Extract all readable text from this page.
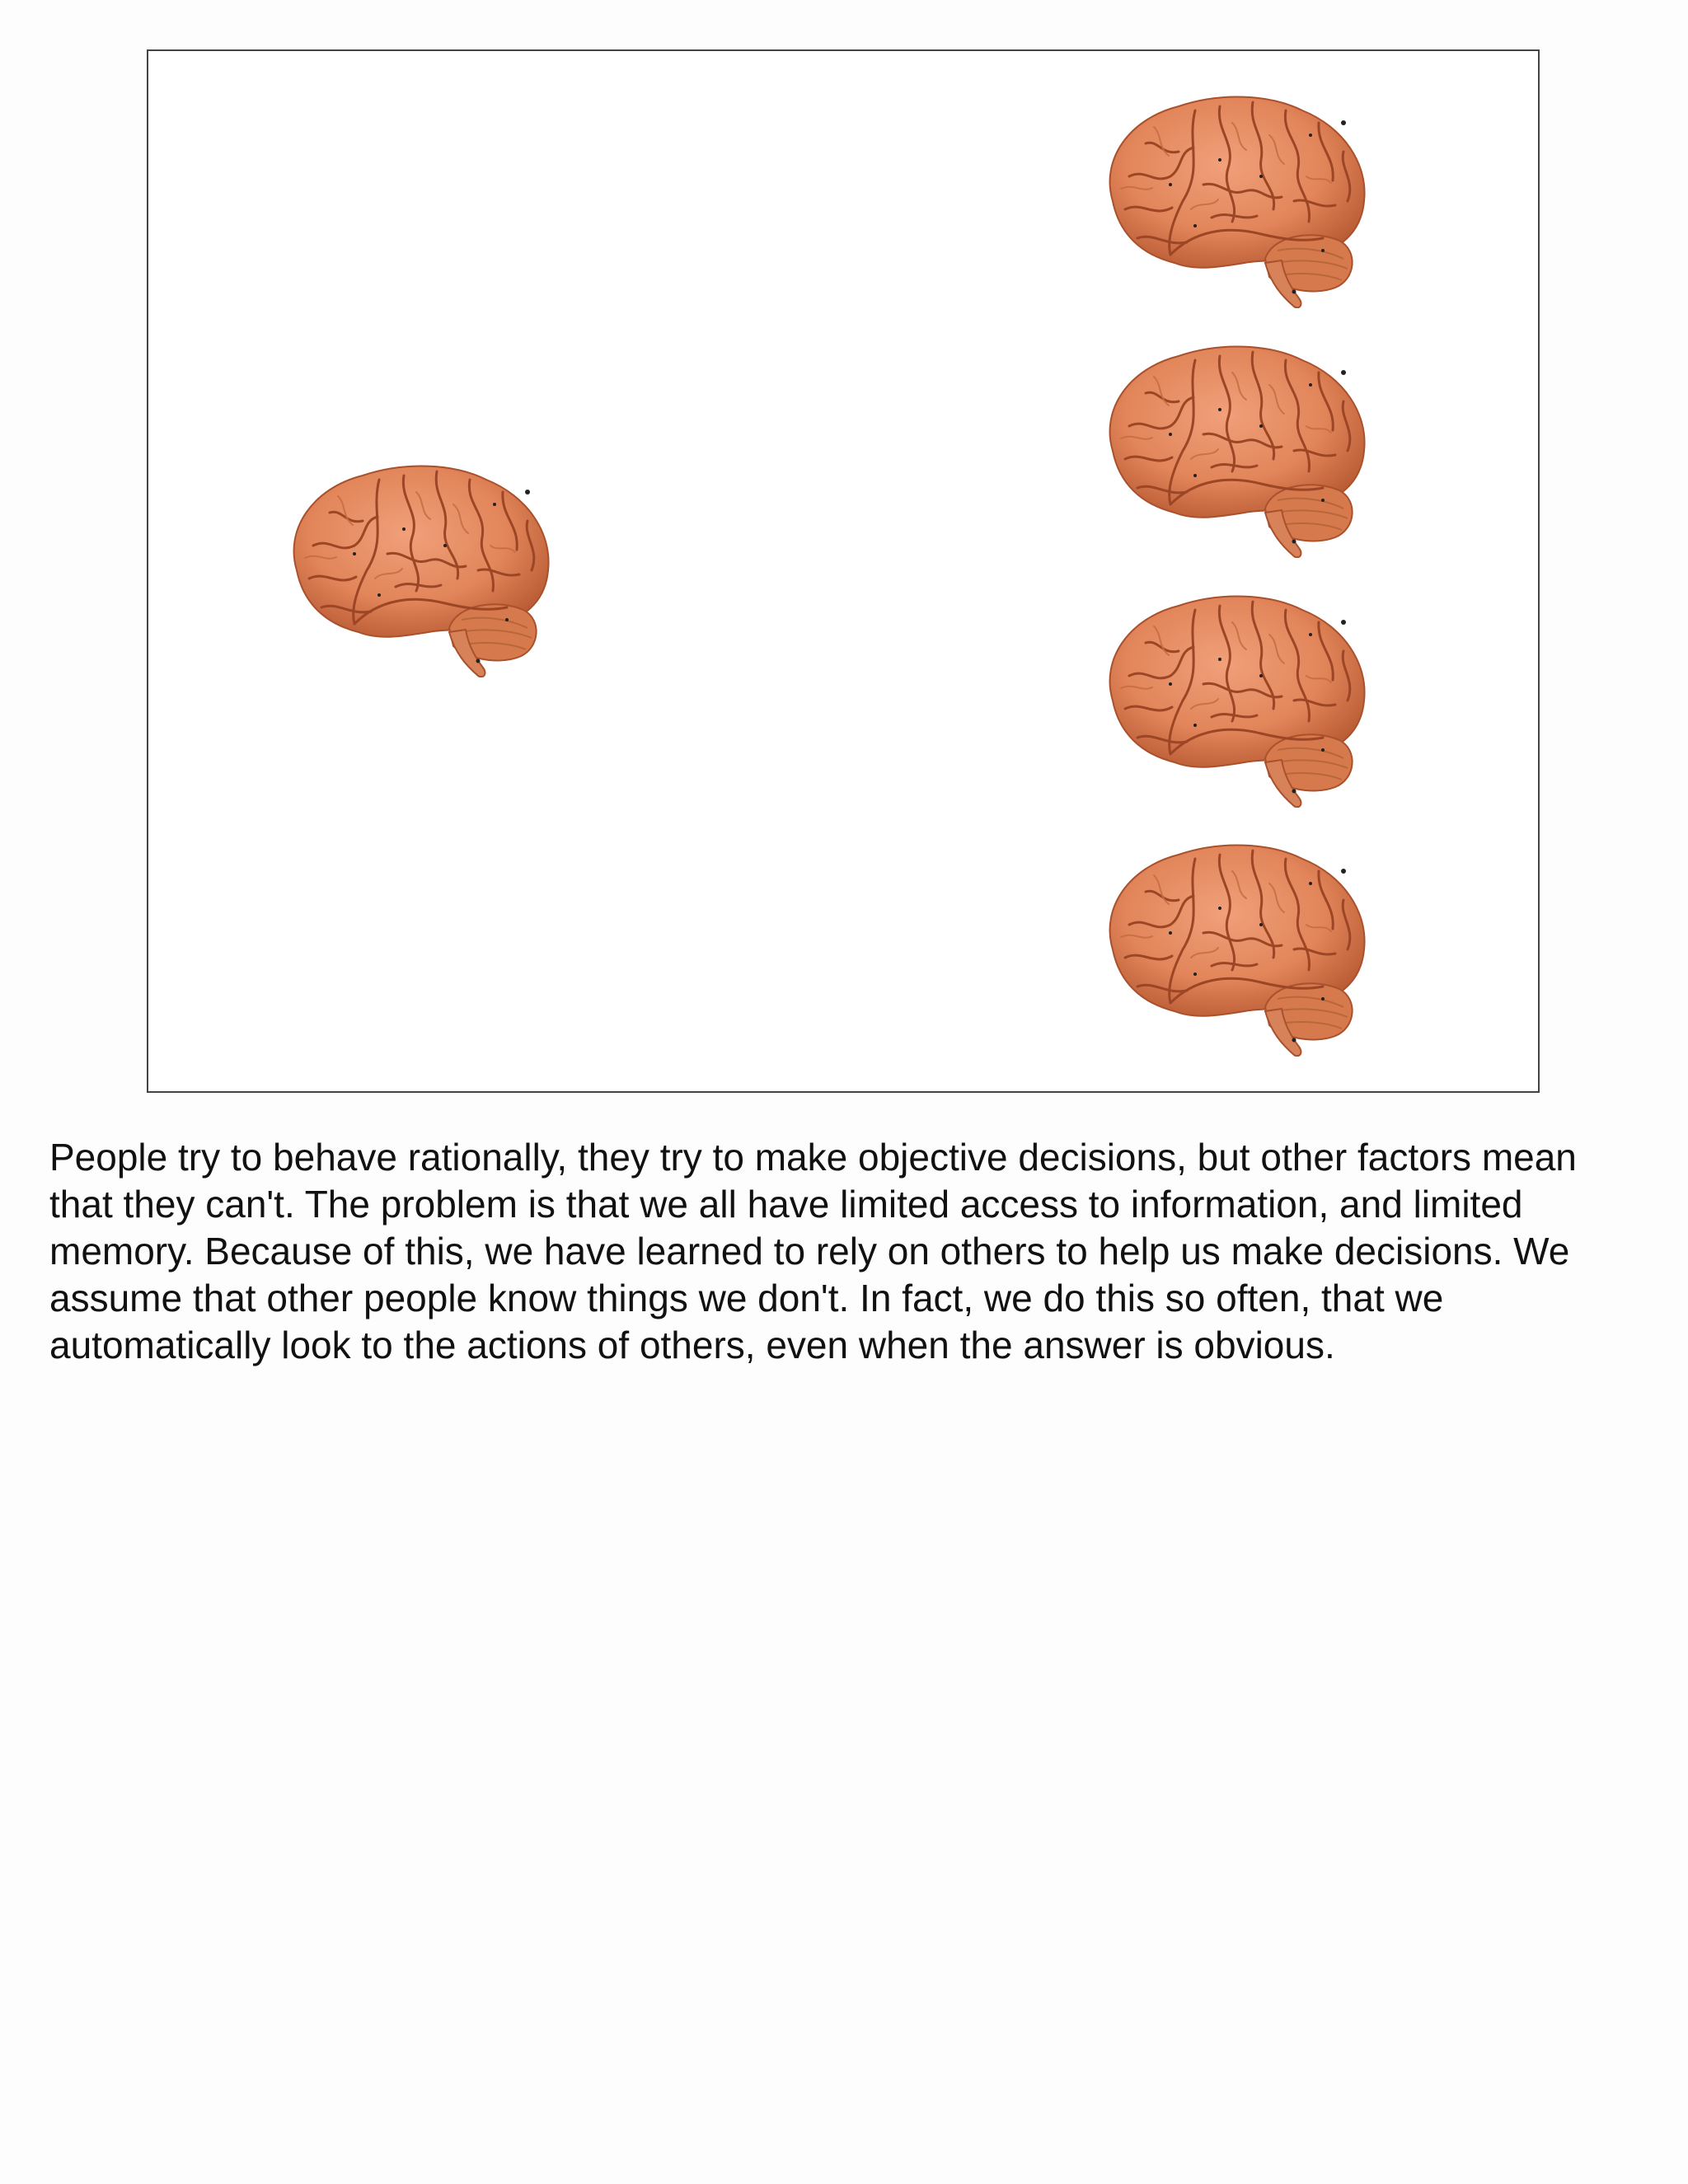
People try to behave rationally, they try to make objective decisions, but other factors mean that they can't. The problem is that we all have limited access to information, and limited memory. Because of this, we have learned to rely on others to help us make decisions. We assume that other people know things we don't. In fact, we do this so often, that we automatically look to the actions of others, even when the answer is obvious.
